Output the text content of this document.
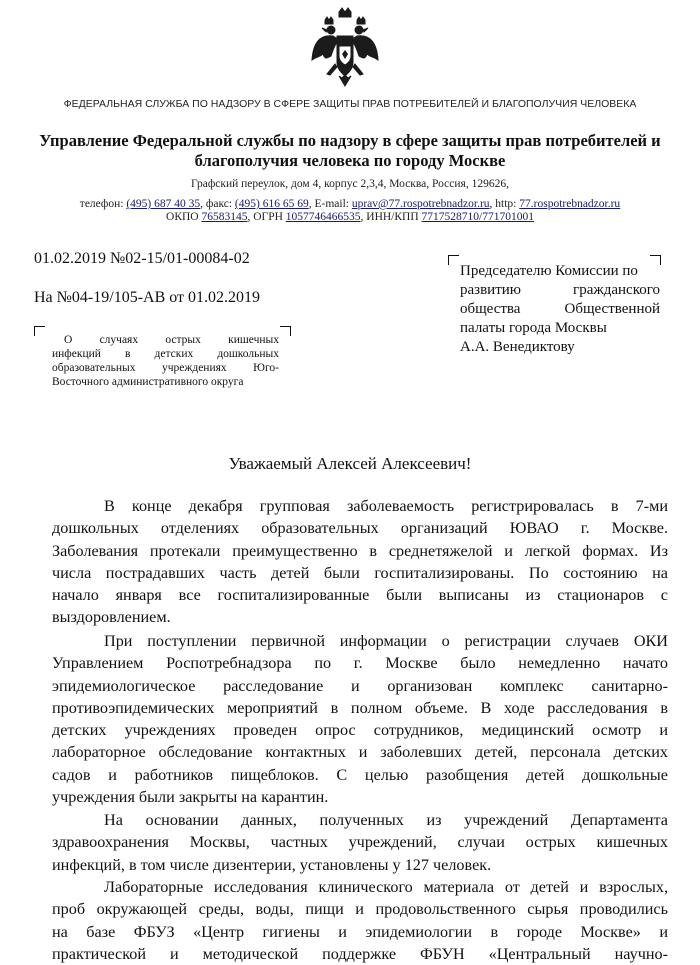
ФЕДЕРАЛЬНАЯ СЛУЖБА ПО НАДЗОРУ В СФЕРЕ ЗАЩИТЫ ПРАВ ПОТРЕБИТЕЛЕЙ И БЛАГОПОЛУЧИЯ ЧЕЛОВЕКА
Управление Федеральной службы по надзору в сфере защиты прав потребителей и
благополучия человека по городу Москве
Графский переулок, дом 4, корпус 2,3,4, Москва, Россия, 129626,
телефон: (495) 687 40 35, факс: (495) 616 65 69, E-mail: uprav@77.rospotrebnadzor.ru, http: 77.rospotrebnadzor.ru
ОКПО 76583145, ОГРН 1057746466535, ИНН/КПП 7717528710/771701001
01.02.2019 №02-15/01-00084-02
На №04-19/105-АВ от 01.02.2019
Председателю Комиссии по
развитию гражданского
общества Общественной
палаты города Москвы
А.А. Венедиктову
О случаях острых кишечных
инфекций в детских дошкольных
образовательных учреждениях Юго-
Восточного административного округа
Уважаемый Алексей Алексеевич!
В конце декабря групповая заболеваемость регистрировалась в 7-ми
дошкольных отделениях образовательных организаций ЮВАО г. Москве.
Заболевания протекали преимущественно в среднетяжелой и легкой формах. Из
числа пострадавших часть детей были госпитализированы. По состоянию на
начало января все госпитализированные были выписаны из стационаров с
выздоровлением.
При поступлении первичной информации о регистрации случаев ОКИ
Управлением Роспотребнадзора по г. Москве было немедленно начато
эпидемиологическое расследование и организован комплекс санитарно-
противоэпидемических мероприятий в полном объеме. В ходе расследования в
детских учреждениях проведен опрос сотрудников, медицинский осмотр и
лабораторное обследование контактных и заболевших детей, персонала детских
садов и работников пищеблоков. С целью разобщения детей дошкольные
учреждения были закрыты на карантин.
На основании данных, полученных из учреждений Департамента
здравоохранения Москвы, частных учреждений, случаи острых кишечных
инфекций, в том числе дизентерии, установлены у 127 человек.
Лабораторные исследования клинического материала от детей и взрослых,
проб окружающей среды, воды, пищи и продовольственного сырья проводились
на базе ФБУЗ «Центр гигиены и эпидемиологии в городе Москве» и
практической и методической поддержке ФБУН «Центральный научно-
